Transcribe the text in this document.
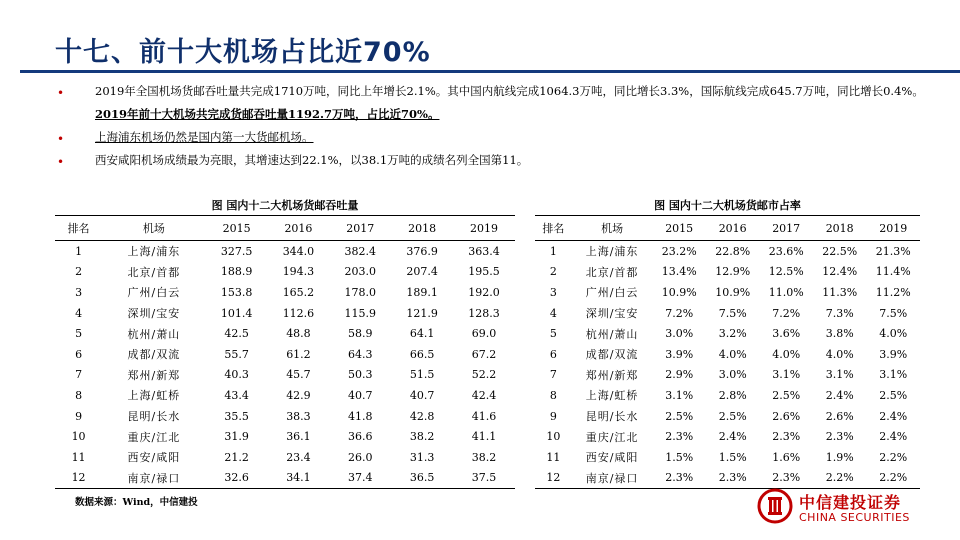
十七、前十大机场占比近70%
•	2019年全国机场货邮吞吐量共完成1710万吨，同比上年增长2.1%。其中国内航线完成1064.3万吨，同比增长3.3%，国际航线完成645.7万吨，同比增长0.4%。2019年前十大机场共完成货邮吞吐量1192.7万吨，占比近70%。
•	上海浦东机场仍然是国内第一大货邮机场。
•	西安咸阳机场成绩最为亮眼，其增速达到22.1%，以38.1万吨的成绩名列全国第11。
图 国内十二大机场货邮吞吐量
排名	机场	2015	2016	2017	2018	2019
1	上海/浦东	327.5	344.0	382.4	376.9	363.4
2	北京/首都	188.9	194.3	203.0	207.4	195.5
3	广州/白云	153.8	165.2	178.0	189.1	192.0
4	深圳/宝安	101.4	112.6	115.9	121.9	128.3
5	杭州/萧山	42.5	48.8	58.9	64.1	69.0
6	成都/双流	55.7	61.2	64.3	66.5	67.2
7	郑州/新郑	40.3	45.7	50.3	51.5	52.2
8	上海/虹桥	43.4	42.9	40.7	40.7	42.4
9	昆明/长水	35.5	38.3	41.8	42.8	41.6
10	重庆/江北	31.9	36.1	36.6	38.2	41.1
11	西安/咸阳	21.2	23.4	26.0	31.3	38.2
12	南京/禄口	32.6	34.1	37.4	36.5	37.5
图 国内十二大机场货邮市占率
排名	机场	2015	2016	2017	2018	2019
1	上海/浦东	23.2%	22.8%	23.6%	22.5%	21.3%
2	北京/首都	13.4%	12.9%	12.5%	12.4%	11.4%
3	广州/白云	10.9%	10.9%	11.0%	11.3%	11.2%
4	深圳/宝安	7.2%	7.5%	7.2%	7.3%	7.5%
5	杭州/萧山	3.0%	3.2%	3.6%	3.8%	4.0%
6	成都/双流	3.9%	4.0%	4.0%	4.0%	3.9%
7	郑州/新郑	2.9%	3.0%	3.1%	3.1%	3.1%
8	上海/虹桥	3.1%	2.8%	2.5%	2.4%	2.5%
9	昆明/长水	2.5%	2.5%	2.6%	2.6%	2.4%
10	重庆/江北	2.3%	2.4%	2.3%	2.3%	2.4%
11	西安/咸阳	1.5%	1.5%	1.6%	1.9%	2.2%
12	南京/禄口	2.3%	2.3%	2.3%	2.2%	2.2%
数据来源：Wind，中信建投	中信建投证券
CHINA SECURITIES
